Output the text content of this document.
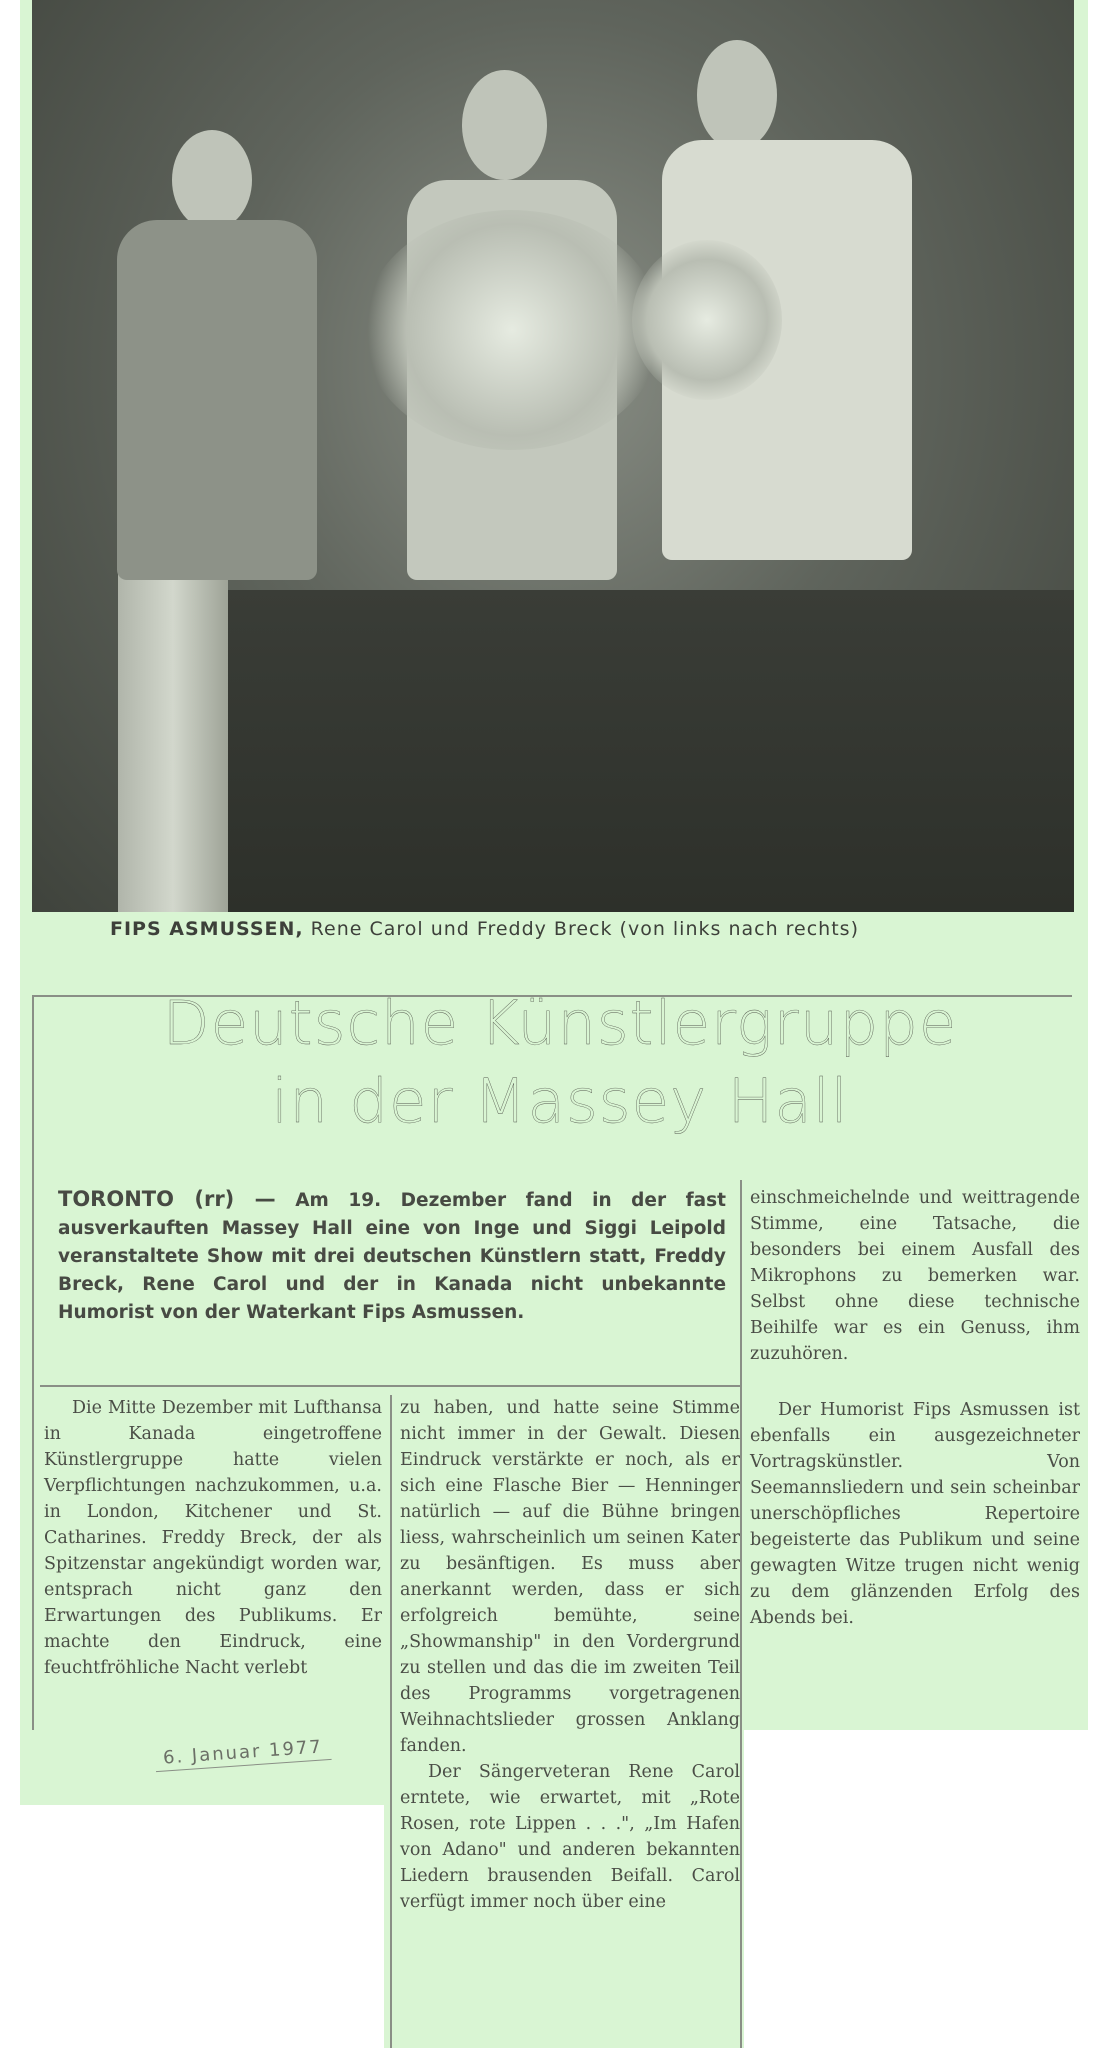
FIPS ASMUSSEN, Rene Carol und Freddy Breck (von links nach rechts)
Deutsche Künstlergruppe
in der Massey Hall
TORONTO (rr) — Am 19. Dezember fand in der fast ausverkauften Massey Hall eine von Inge und Siggi Leipold veranstaltete Show mit drei deutschen Künstlern statt, Freddy Breck, Rene Carol und der in Kanada nicht unbekannte Humorist von der Waterkant Fips Asmussen.

Die Mitte Dezember mit Lufthansa in Kanada eingetroffene Künstlergruppe hatte vielen Verpflichtungen nachzukommen, u.a. in London, Kitchener und St. Catharines. Freddy Breck, der als Spitzenstar angekündigt worden war, entsprach nicht ganz den Erwartungen des Publikums. Er machte den Eindruck, eine feuchtfröhliche Nacht verlebt

zu haben, und hatte seine Stimme nicht immer in der Gewalt. Diesen Eindruck verstärkte er noch, als er sich eine Flasche Bier — Henninger natürlich — auf die Bühne bringen liess, wahrscheinlich um seinen Kater zu besänftigen. Es muss aber anerkannt werden, dass er sich erfolgreich bemühte, seine „Showmanship" in den Vordergrund zu stellen und das die im zweiten Teil des Programms vorgetragenen Weihnachtslieder grossen Anklang fanden.

Der Sängerveteran Rene Carol erntete, wie erwartet, mit „Rote Rosen, rote Lippen . . .", „Im Hafen von Adano" und anderen bekannten Liedern brausenden Beifall. Carol verfügt immer noch über eine

einschmeichelnde und weittragende Stimme, eine Tatsache, die besonders bei einem Ausfall des Mikrophons zu bemerken war. Selbst ohne diese technische Beihilfe war es ein Genuss, ihm zuzuhören.

Der Humorist Fips Asmussen ist ebenfalls ein ausgezeichneter Vortragskünstler. Von Seemannsliedern und sein scheinbar unerschöpfliches Repertoire begeisterte das Publikum und seine gewagten Witze trugen nicht wenig zu dem glänzenden Erfolg des Abends bei.

6. Januar 1977
